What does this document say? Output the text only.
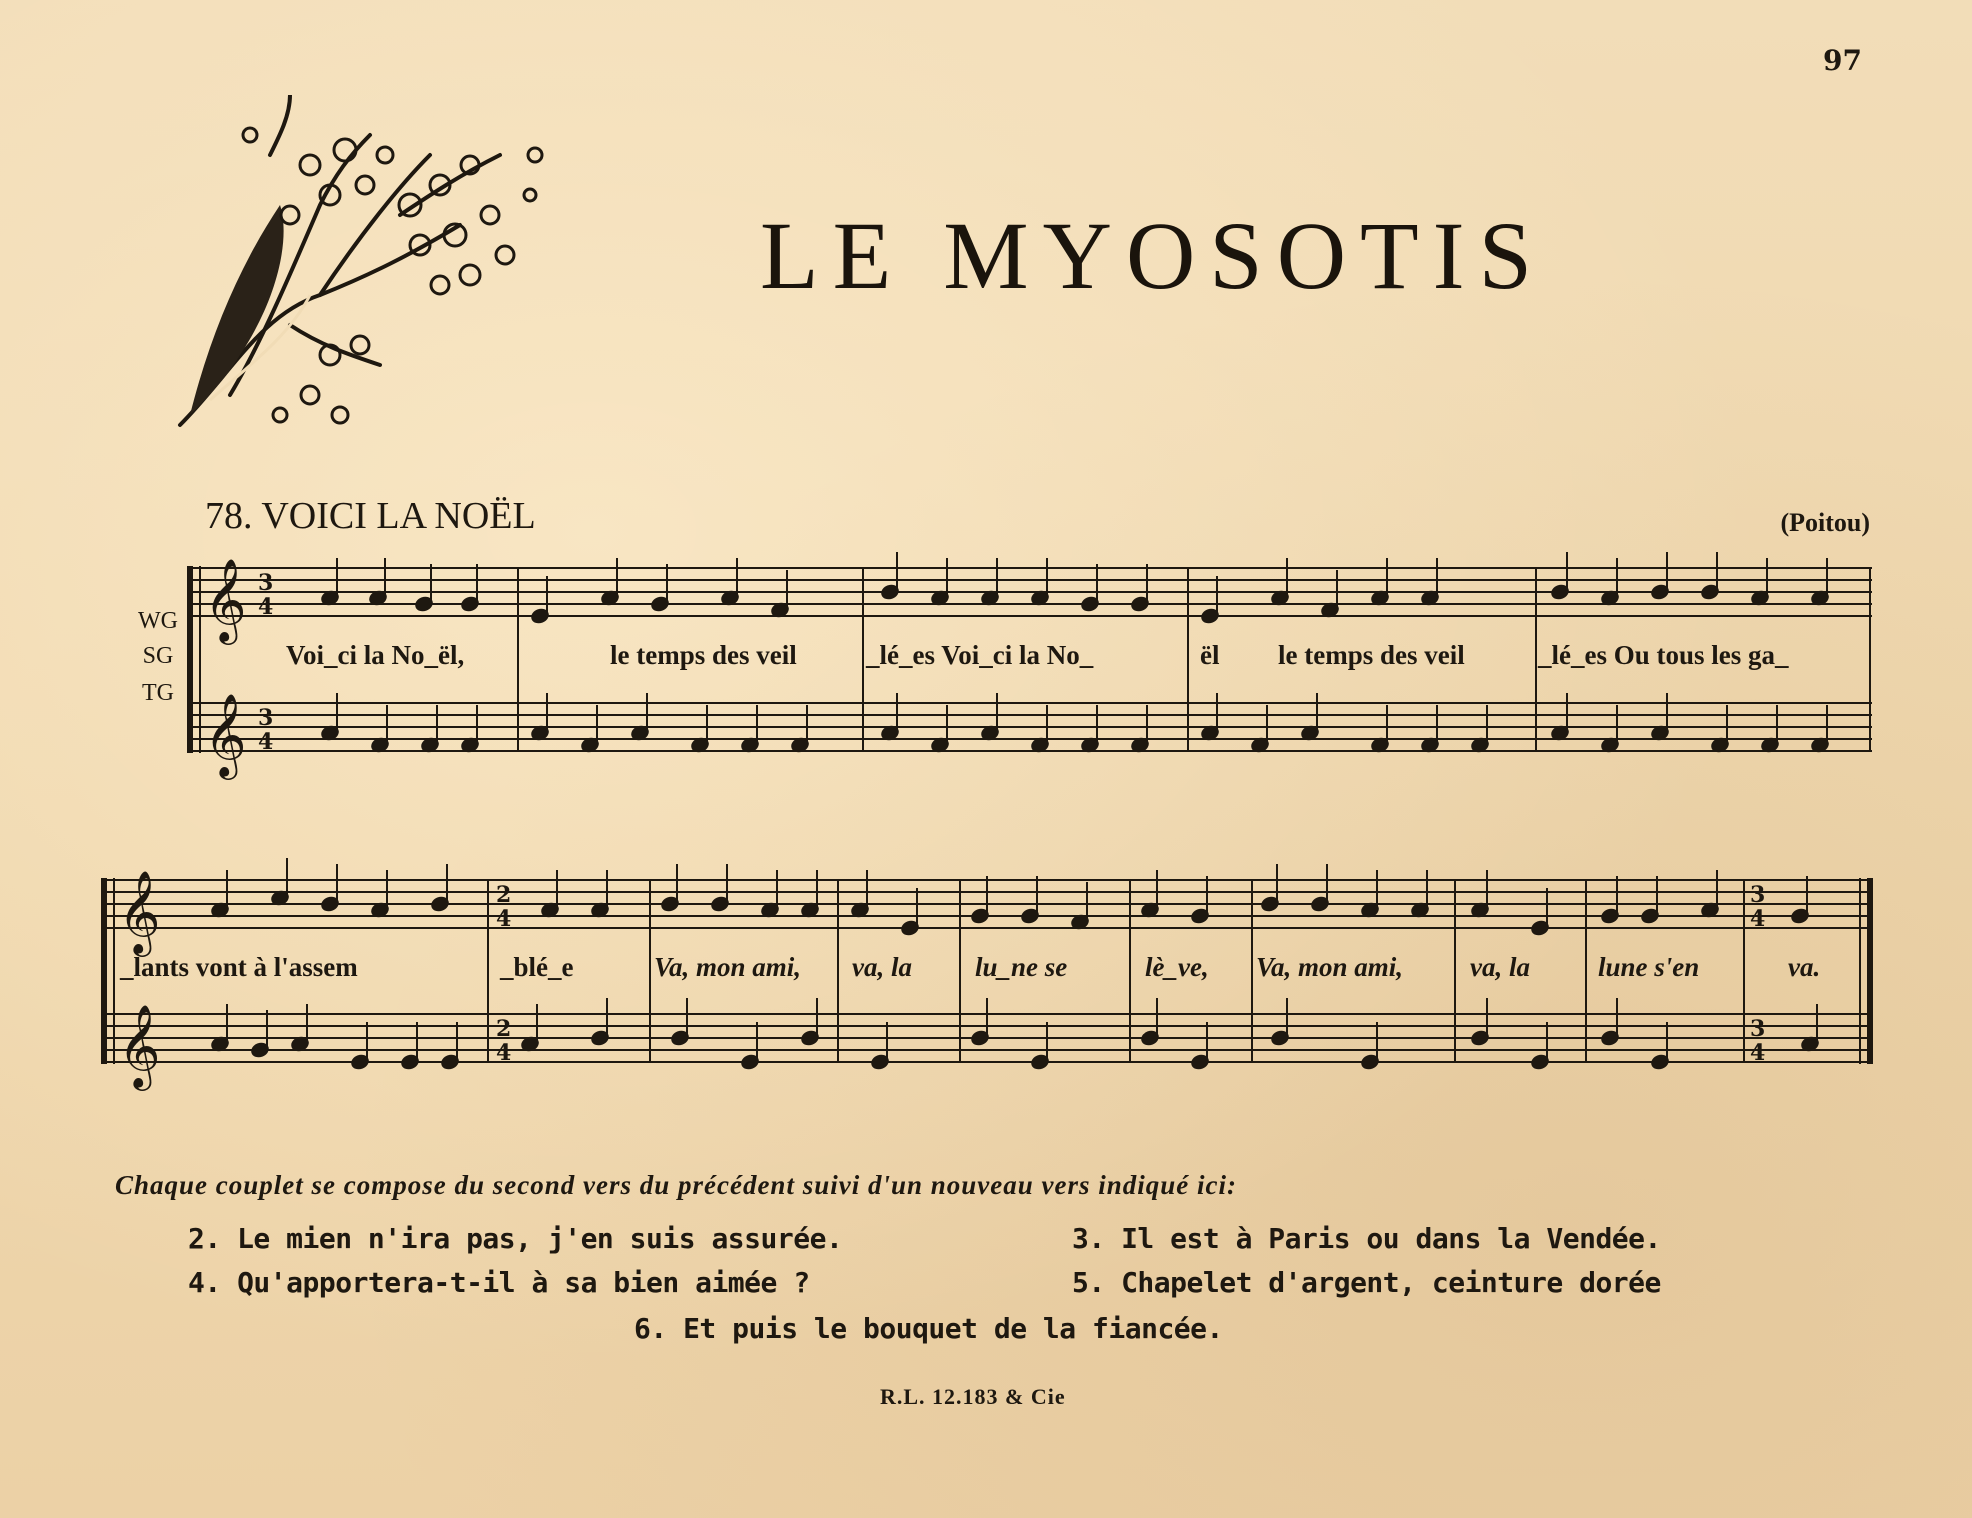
97
LE MYOSOTIS
78. VOICI LA NOËL	(Poitou)
WG
SG
TG
𝄞
𝄞
𝄞
𝄞
3
4
3
4
2
4
2
4
3
4
3
4
Voi_ci la No_ël,	le temps des veil	_lé_es Voi_ci la No_	ël le temps des veil	_lé_es Ou tous les ga_
_lants vont à l'assem	_blé_e	Va, mon ami, va, la lu_ne se	lè_ve, Va, mon ami, va, la	lune s'en	va.
Chaque couplet se compose du second vers du précédent suivi d'un nouveau vers indiqué ici:
2. Le mien n'ira pas, j'en suis assurée.	3. Il est à Paris ou dans la Vendée.
4. Qu'apportera-t-il à sa bien aimée ?	5. Chapelet d'argent, ceinture dorée
6. Et puis le bouquet de la fiancée.
R.L. 12.183 & Cie
